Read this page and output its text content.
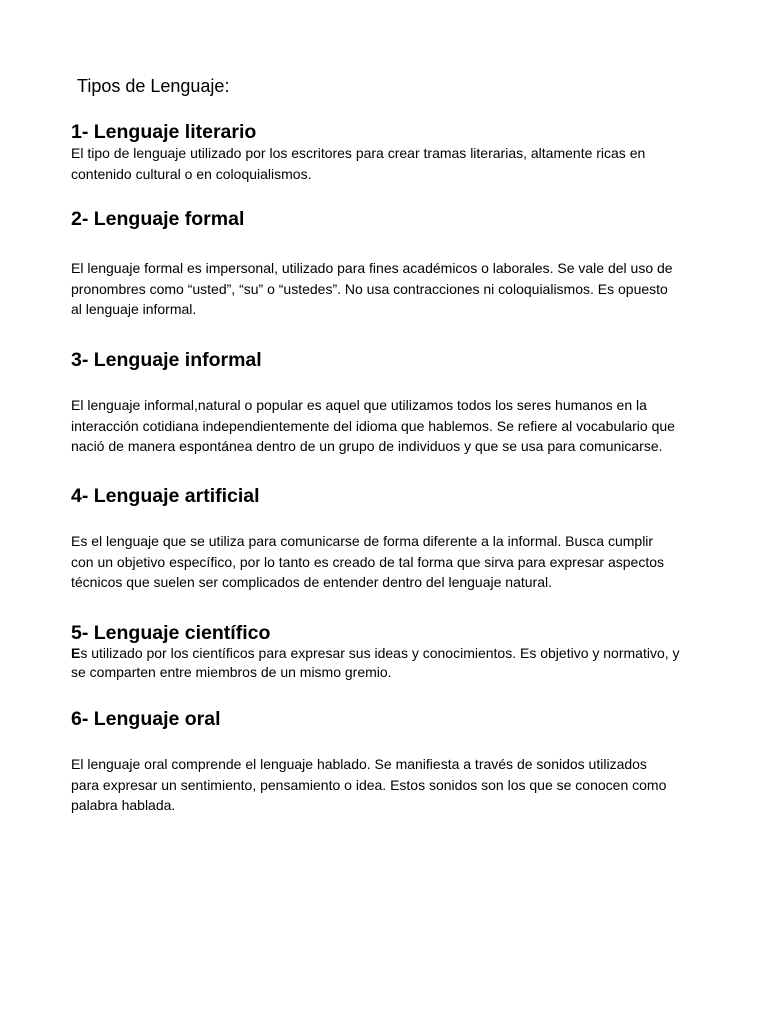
Tipos de Lenguaje:
1- Lenguaje literario

El tipo de lenguaje utilizado por los escritores para crear tramas literarias, altamente ricas en
contenido cultural o en coloquialismos.

2- Lenguaje formal

El lenguaje formal es impersonal, utilizado para fines académicos o laborales. Se vale del uso de
pronombres como “usted”, “su” o “ustedes”. No usa contracciones ni coloquialismos. Es opuesto
al lenguaje informal.

3- Lenguaje informal

El lenguaje informal,natural o popular es aquel que utilizamos todos los seres humanos en la
interacción cotidiana independientemente del idioma que hablemos. Se refiere al vocabulario que
nació de manera espontánea dentro de un grupo de individuos y que se usa para comunicarse.

4- Lenguaje artificial

Es el lenguaje que se utiliza para comunicarse de forma diferente a la informal. Busca cumplir
con un objetivo específico, por lo tanto es creado de tal forma que sirva para expresar aspectos
técnicos que suelen ser complicados de entender dentro del lenguaje natural.

5- Lenguaje científico

Es utilizado por los científicos para expresar sus ideas y conocimientos. Es objetivo y normativo, y
se comparten entre miembros de un mismo gremio.

6- Lenguaje oral

El lenguaje oral comprende el lenguaje hablado. Se manifiesta a través de sonidos utilizados
para expresar un sentimiento, pensamiento o idea. Estos sonidos son los que se conocen como
palabra hablada.
